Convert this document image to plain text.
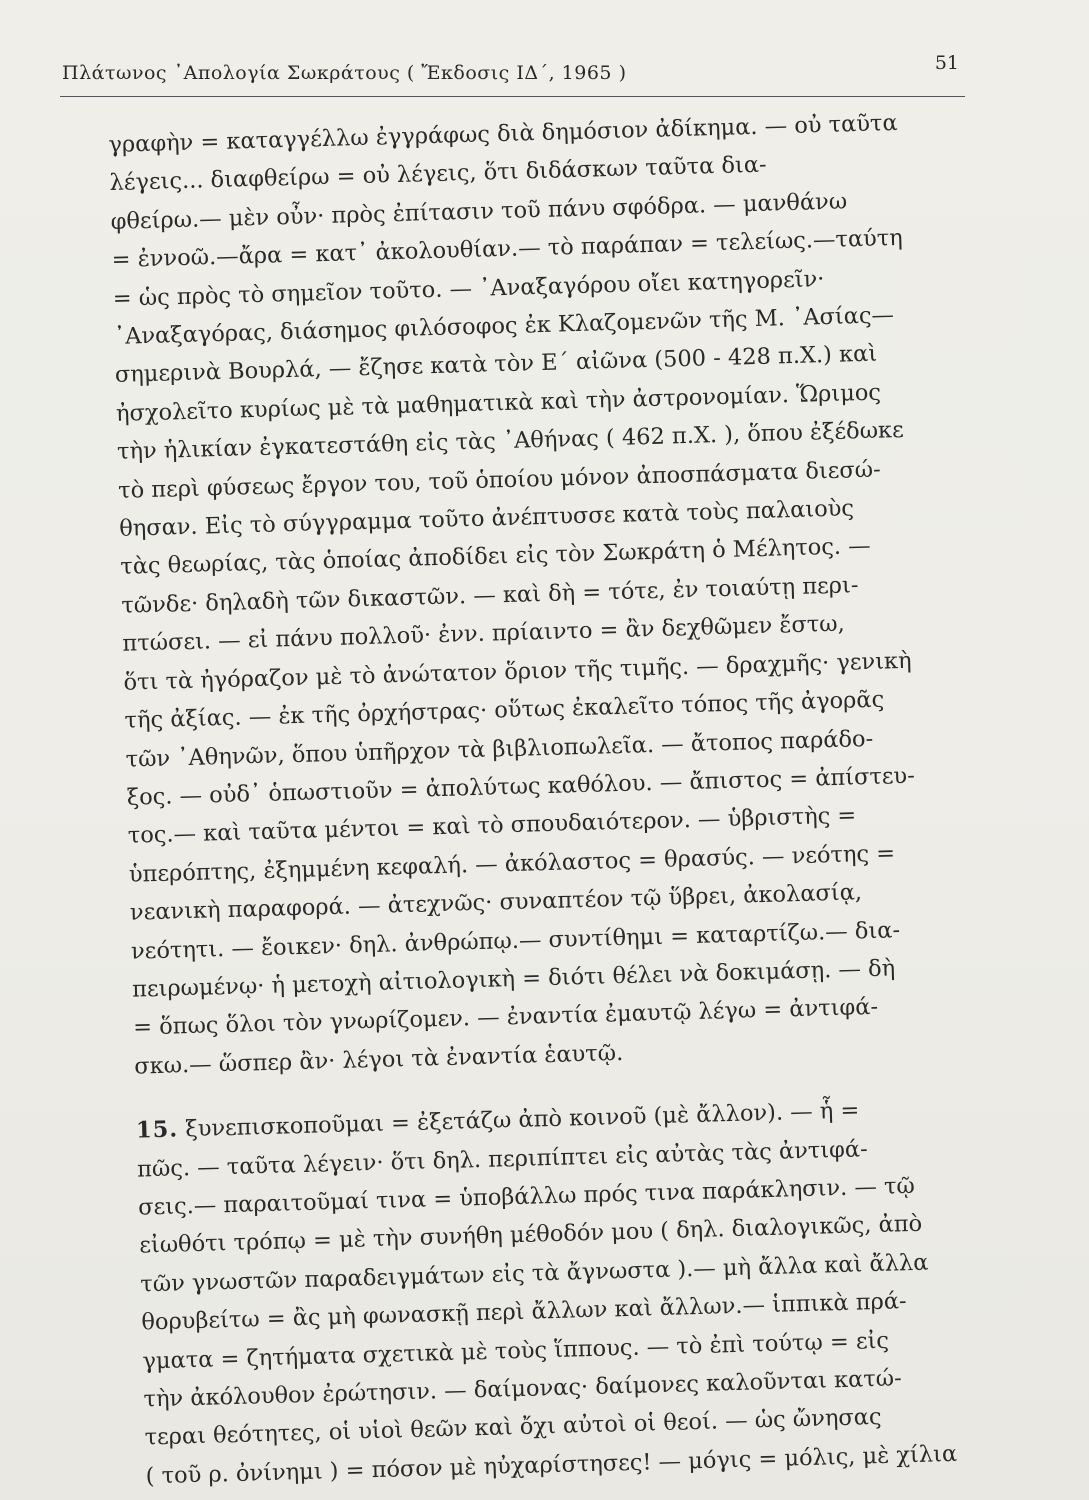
Πλάτωνος ᾿Απολογία Σωκράτους ( Ἔκδοσις ΙΔ΄, 1965 )	51
γραφὴν = καταγγέλλω ἐγγράφως διὰ δημόσιον ἀδίκημα. — οὐ ταῦτα
λέγεις... διαφθείρω = οὐ λέγεις, ὅτι διδάσκων ταῦτα δια-
φθείρω.— μὲν οὖν· πρὸς ἐπίτασιν τοῦ πάνυ σφόδρα. — μανθάνω
= ἐννοῶ.—ἄρα = κατ᾿ ἀκολουθίαν.— τὸ παράπαν = τελείως.—ταύτη
= ὡς πρὸς τὸ σημεῖον τοῦτο. — ᾿Αναξαγόρου οἴει κατηγορεῖν·
᾿Αναξαγόρας, διάσημος φιλόσοφος ἐκ Κλαζομενῶν τῆς Μ. ᾿Ασίας—
σημερινὰ Βουρλά, — ἔζησε κατὰ τὸν Ε΄ αἰῶνα (500 - 428 π.Χ.) καὶ
ἠσχολεῖτο κυρίως μὲ τὰ μαθηματικὰ καὶ τὴν ἀστρονομίαν. Ὥριμος
τὴν ἡλικίαν ἐγκατεστάθη εἰς τὰς ᾿Αθήνας ( 462 π.Χ. ), ὅπου ἐξέδωκε
τὸ περὶ φύσεως ἔργον του, τοῦ ὁποίου μόνον ἀποσπάσματα διεσώ-
θησαν. Εἰς τὸ σύγγραμμα τοῦτο ἀνέπτυσσε κατὰ τοὺς παλαιοὺς
τὰς θεωρίας, τὰς ὁποίας ἀποδίδει εἰς τὸν Σωκράτη ὁ Μέλητος. —
τῶνδε· δηλαδὴ τῶν δικαστῶν. — καὶ δὴ = τότε, ἐν τοιαύτῃ περι-
πτώσει. — εἰ πάνυ πολλοῦ· ἐνν. πρίαιντο = ἂν δεχθῶμεν ἔστω,
ὅτι τὰ ἠγόραζον μὲ τὸ ἀνώτατον ὅριον τῆς τιμῆς. — δραχμῆς· γενικὴ
τῆς ἀξίας. — ἐκ τῆς ὀρχήστρας· οὕτως ἐκαλεῖτο τόπος τῆς ἀγορᾶς
τῶν ᾿Αθηνῶν, ὅπου ὑπῆρχον τὰ βιβλιοπωλεῖα. — ἄτοπος παράδο-
ξος. — οὐδ᾿ ὁπωστιοῦν = ἀπολύτως καθόλου. — ἄπιστος = ἀπίστευ-
τος.— καὶ ταῦτα μέντοι = καὶ τὸ σπουδαιότερον. — ὑβριστὴς =
ὑπερόπτης, ἐξημμένη κεφαλή. — ἀκόλαστος = θρασύς. — νεότης =
νεανικὴ παραφορά. — ἀτεχνῶς· συναπτέον τῷ ὕβρει, ἀκολασίᾳ,
νεότητι. — ἔοικεν· δηλ. ἀνθρώπῳ.— συντίθημι = καταρτίζω.— δια-
πειρωμένῳ· ἡ μετοχὴ αἰτιολογικὴ = διότι θέλει νὰ δοκιμάσῃ. — δὴ
= ὅπως ὅλοι τὸν γνωρίζομεν. — ἐναντία ἐμαυτῷ λέγω = ἀντιφά-
σκω.— ὥσπερ ἂν· λέγοι τὰ ἐναντία ἑαυτῷ.
15. ξυνεπισκοποῦμαι = ἐξετάζω ἀπὸ κοινοῦ (μὲ ἄλλον). — ἧ =
πῶς. — ταῦτα λέγειν· ὅτι δηλ. περιπίπτει εἰς αὐτὰς τὰς ἀντιφά-
σεις.— παραιτοῦμαί τινα = ὑποβάλλω πρός τινα παράκλησιν. — τῷ
εἰωθότι τρόπῳ = μὲ τὴν συνήθη μέθοδόν μου ( δηλ. διαλογικῶς, ἀπὸ
τῶν γνωστῶν παραδειγμάτων εἰς τὰ ἄγνωστα ).— μὴ ἄλλα καὶ ἄλλα
θορυβείτω = ἂς μὴ φωνασκῇ περὶ ἄλλων καὶ ἄλλων.— ἱππικὰ πρά-
γματα = ζητήματα σχετικὰ μὲ τοὺς ἵππους. — τὸ ἐπὶ τούτῳ = εἰς
τὴν ἀκόλουθον ἐρώτησιν. — δαίμονας· δαίμονες καλοῦνται κατώ-
τεραι θεότητες, οἱ υἱοὶ θεῶν καὶ ὄχι αὐτοὶ οἱ θεοί. — ὡς ὤνησας
( τοῦ ρ. ὀνίνημι ) = πόσον μὲ ηὐχαρίστησες! — μόγις = μόλις, μὲ χίλια
